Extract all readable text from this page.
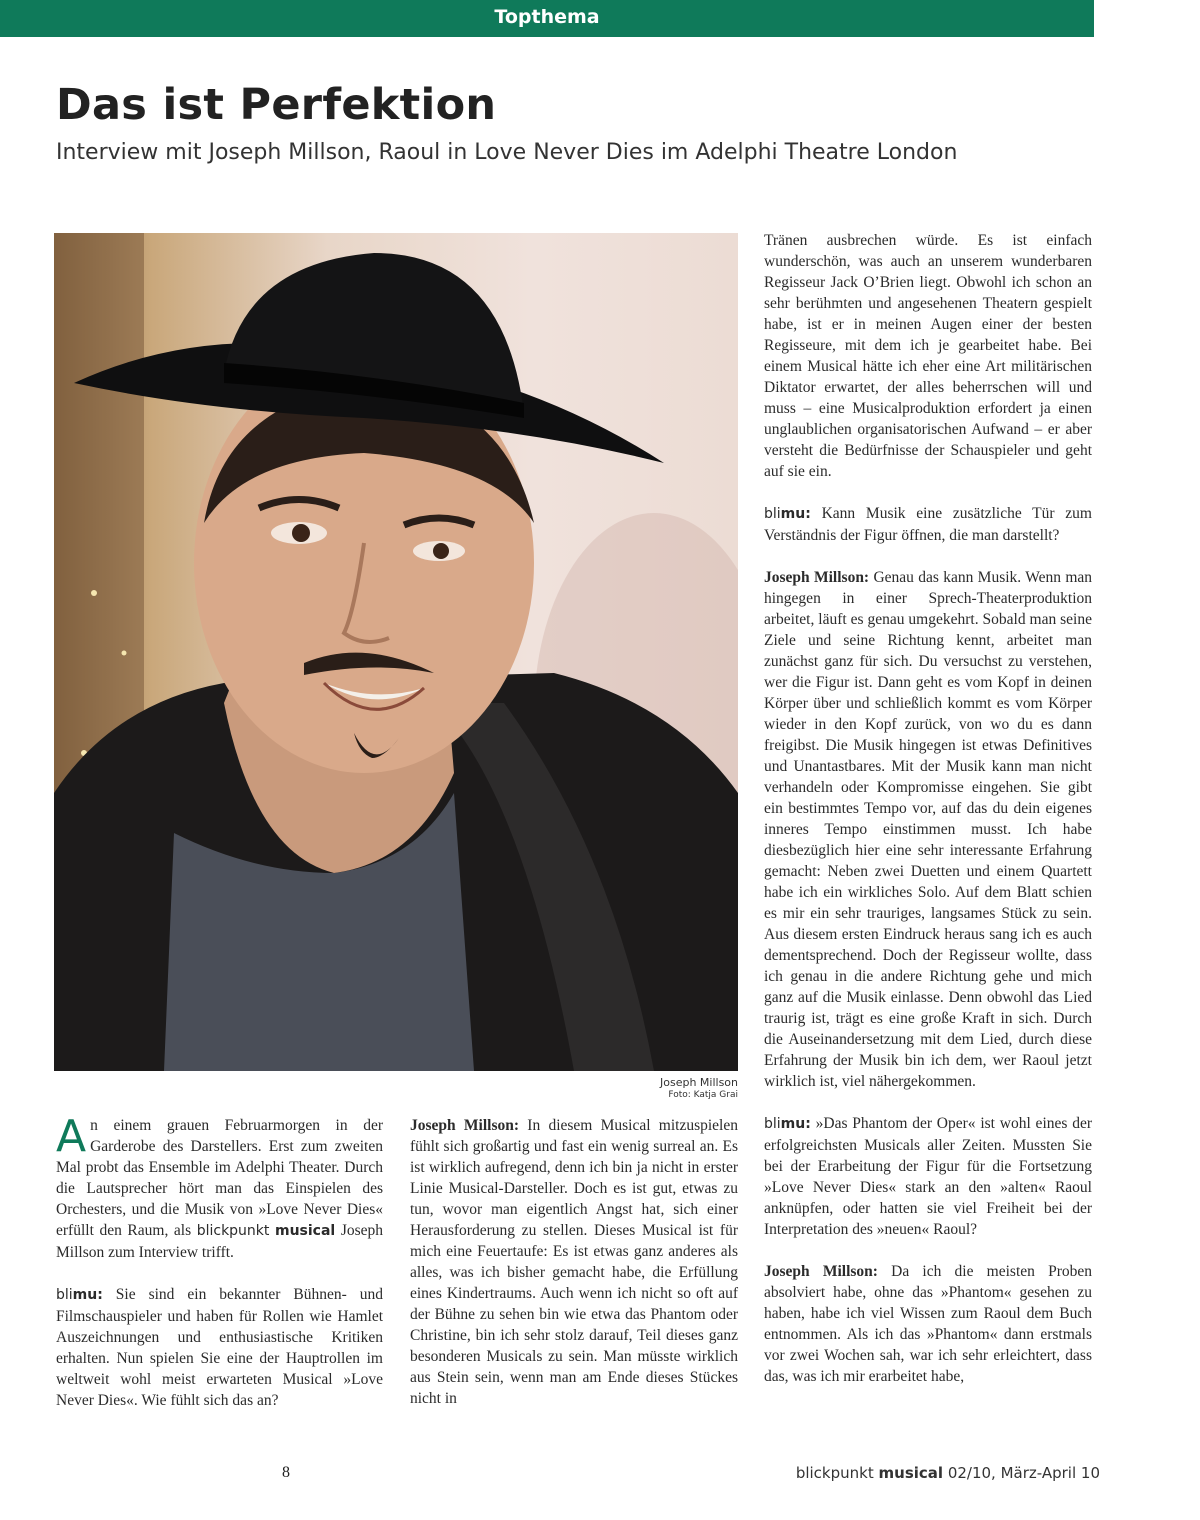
Topthema
Das ist Perfektion
Interview mit Joseph Millson, Raoul in Love Never Dies im Adelphi Theatre London
Joseph Millson
Foto: Katja Grai

An einem grauen Februarmorgen in der Garderobe des Darstellers. Erst zum zweiten Mal probt das Ensemble im Adelphi Theater. Durch die Lautsprecher hört man das Einspielen des Orchesters, und die Musik von »Love Never Dies« erfüllt den Raum, als blickpunkt musical Joseph Millson zum Interview trifft.

blimu: Sie sind ein bekannter Bühnen- und Filmschauspieler und haben für Rollen wie Hamlet Auszeichnungen und enthusiastische Kritiken erhalten. Nun spielen Sie eine der Hauptrollen im weltweit wohl meist erwarteten Musical »Love Never Dies«. Wie fühlt sich das an?

Joseph Millson: In diesem Musical mitzuspielen fühlt sich großartig und fast ein wenig surreal an. Es ist wirklich aufregend, denn ich bin ja nicht in erster Linie Musical-Darsteller. Doch es ist gut, etwas zu tun, wovor man eigentlich Angst hat, sich einer Herausforderung zu stellen. Dieses Musical ist für mich eine Feuertaufe: Es ist etwas ganz anderes als alles, was ich bisher gemacht habe, die Erfüllung eines Kindertraums. Auch wenn ich nicht so oft auf der Bühne zu sehen bin wie etwa das Phantom oder Christine, bin ich sehr stolz darauf, Teil dieses ganz besonderen Musicals zu sein. Man müsste wirklich aus Stein sein, wenn man am Ende dieses Stückes nicht in

Tränen ausbrechen würde. Es ist einfach wunderschön, was auch an unserem wunderbaren Regisseur Jack O’Brien liegt. Obwohl ich schon an sehr berühmten und angesehenen Theatern gespielt habe, ist er in meinen Augen einer der besten Regisseure, mit dem ich je gearbeitet habe. Bei einem Musical hätte ich eher eine Art militärischen Diktator erwartet, der alles beherrschen will und muss – eine Musicalproduktion erfordert ja einen unglaublichen organisatorischen Aufwand – er aber versteht die Bedürfnisse der Schauspieler und geht auf sie ein.

blimu: Kann Musik eine zusätzliche Tür zum Verständnis der Figur öffnen, die man darstellt?

Joseph Millson: Genau das kann Musik. Wenn man hingegen in einer Sprech-Theaterproduktion arbeitet, läuft es genau umgekehrt. Sobald man seine Ziele und seine Richtung kennt, arbeitet man zunächst ganz für sich. Du versuchst zu verstehen, wer die Figur ist. Dann geht es vom Kopf in deinen Körper über und schließlich kommt es vom Körper wieder in den Kopf zurück, von wo du es dann freigibst. Die Musik hingegen ist etwas Definitives und Unantastbares. Mit der Musik kann man nicht verhandeln oder Kompromisse eingehen. Sie gibt ein bestimmtes Tempo vor, auf das du dein eigenes inneres Tempo einstimmen musst. Ich habe diesbezüglich hier eine sehr interessante Erfahrung gemacht: Neben zwei Duetten und einem Quartett habe ich ein wirkliches Solo. Auf dem Blatt schien es mir ein sehr trauriges, langsames Stück zu sein. Aus diesem ersten Eindruck heraus sang ich es auch dementsprechend. Doch der Regisseur wollte, dass ich genau in die andere Richtung gehe und mich ganz auf die Musik einlasse. Denn obwohl das Lied traurig ist, trägt es eine große Kraft in sich. Durch die Auseinandersetzung mit dem Lied, durch diese Erfahrung der Musik bin ich dem, wer Raoul jetzt wirklich ist, viel nähergekommen.

blimu: »Das Phantom der Oper« ist wohl eines der erfolgreichsten Musicals aller Zeiten. Mussten Sie bei der Erarbeitung der Figur für die Fortsetzung »Love Never Dies« stark an den »alten« Raoul anknüpfen, oder hatten sie viel Freiheit bei der Interpretation des »neuen« Raoul?

Joseph Millson: Da ich die meisten Proben absolviert habe, ohne das »Phantom« gesehen zu haben, habe ich viel Wissen zum Raoul dem Buch entnommen. Als ich das »Phantom« dann erstmals vor zwei Wochen sah, war ich sehr erleichtert, dass das, was ich mir erarbeitet habe,

8	blickpunkt musical 02/10, März-April 10
